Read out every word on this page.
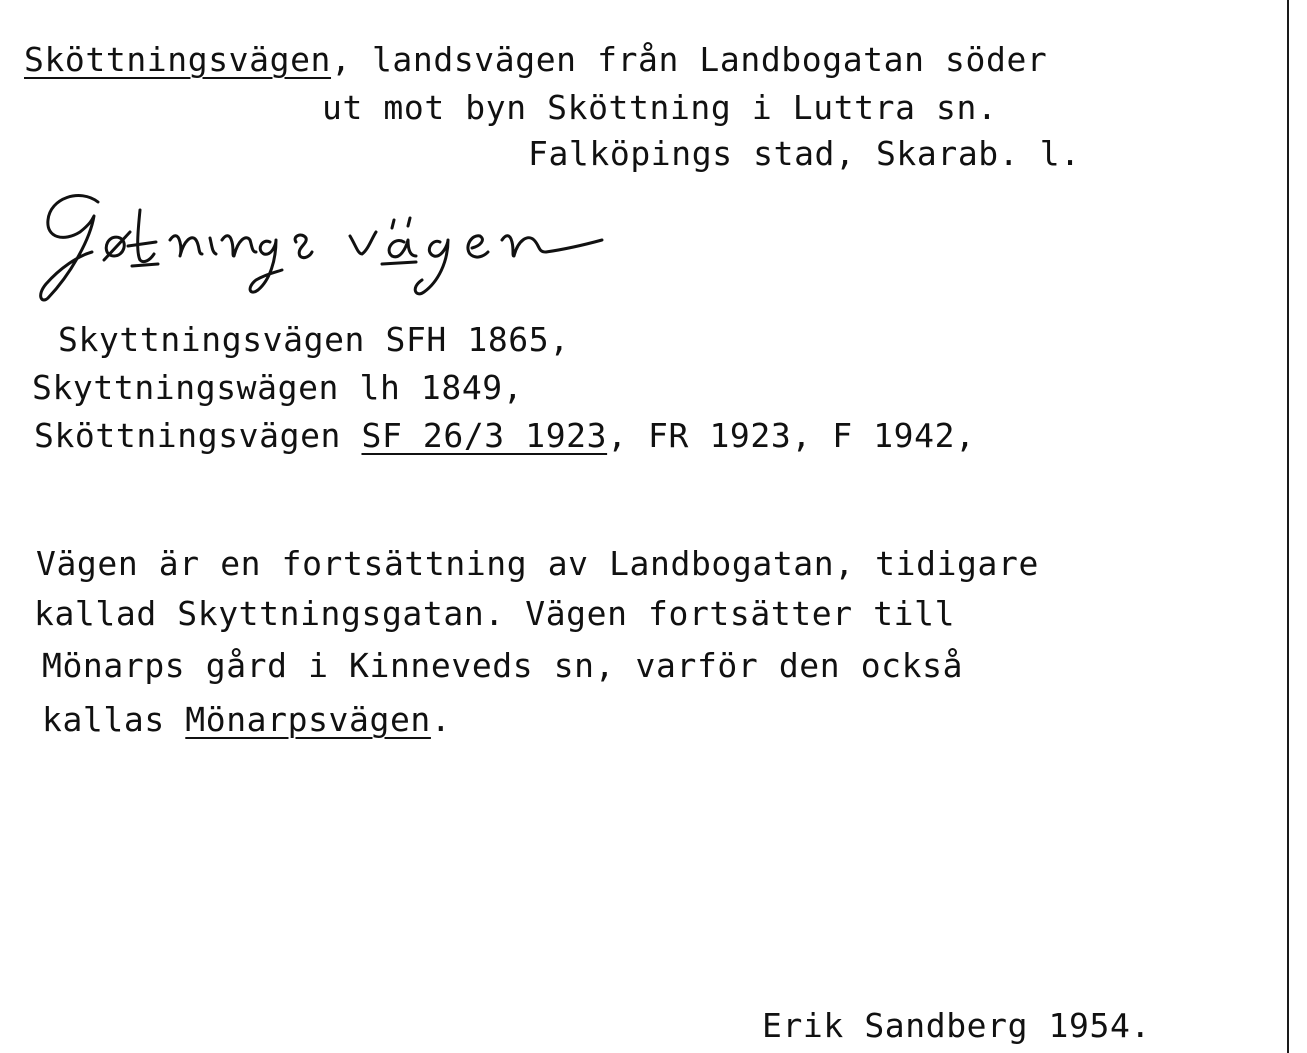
Sköttningsvägen, landsvägen från Landbogatan söder
ut mot byn Sköttning i Luttra sn.
Falköpings stad, Skarab. l.
Skyttningsvägen SFH 1865,
Skyttningswägen lh 1849,
Sköttningsvägen SF 26/3 1923, FR 1923, F 1942,
Vägen är en fortsättning av Landbogatan, tidigare
kallad Skyttningsgatan. Vägen fortsätter till
Mönarps gård i Kinneveds sn, varför den också
kallas Mönarpsvägen.
Erik Sandberg 1954.
